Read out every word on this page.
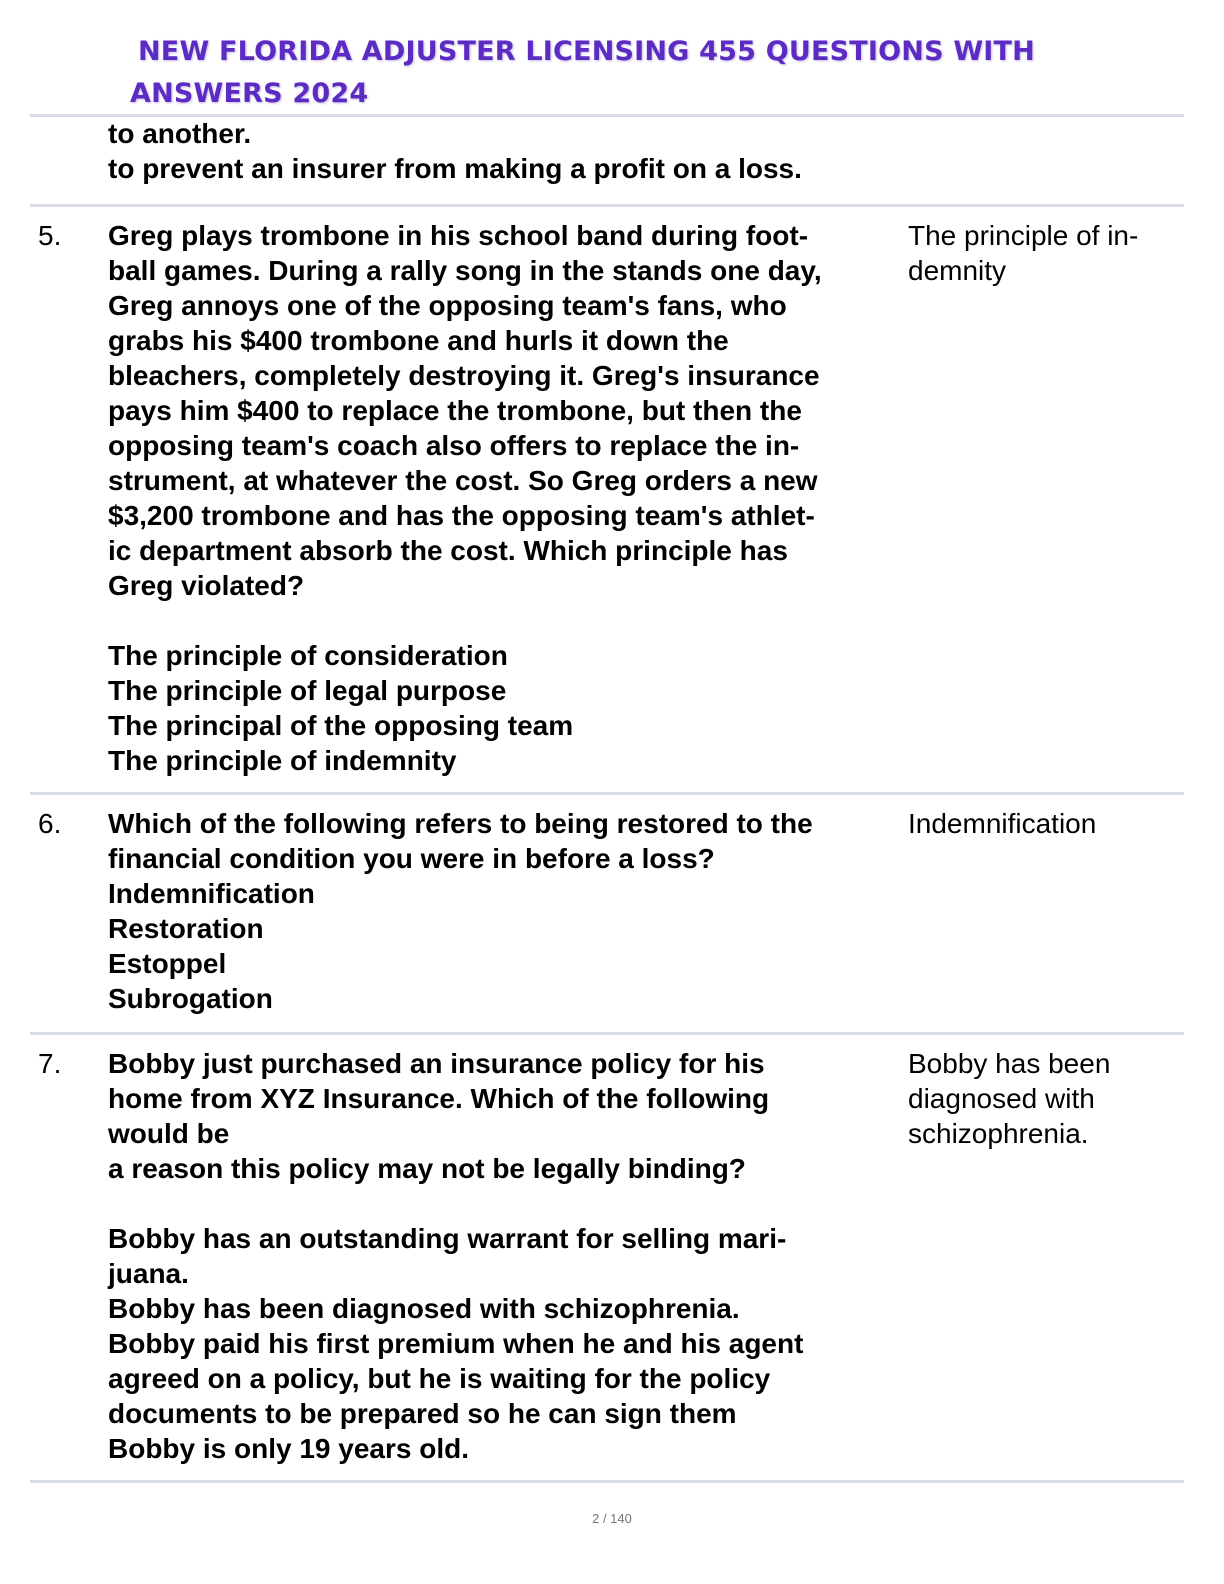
NEW FLORIDA ADJUSTER LICENSING 455 QUESTIONS WITH
ANSWERS 2024
to another.
to prevent an insurer from making a profit on a loss.
5. Greg plays trombone in his school band during foot-
ball games. During a rally song in the stands one day,
Greg annoys one of the opposing team's fans, who
grabs his $400 trombone and hurls it down the
bleachers, completely destroying it. Greg's insurance
pays him $400 to replace the trombone, but then the
opposing team's coach also offers to replace the in-
strument, at whatever the cost. So Greg orders a new
$3,200 trombone and has the opposing team's athlet-
ic department absorb the cost. Which principle has
Greg violated?
The principle of consideration
The principle of legal purpose
The principal of the opposing team
The principle of indemnity
The principle of in-
demnity
6. Which of the following refers to being restored to the
financial condition you were in before a loss?
Indemnification
Restoration
Estoppel
Subrogation
Indemnification
7. Bobby just purchased an insurance policy for his
home from XYZ Insurance. Which of the following
would be
a reason this policy may not be legally binding?
Bobby has an outstanding warrant for selling mari-
juana.
Bobby has been diagnosed with schizophrenia.
Bobby paid his first premium when he and his agent
agreed on a policy, but he is waiting for the policy
documents to be prepared so he can sign them
Bobby is only 19 years old.
Bobby has been
diagnosed with
schizophrenia.
2 / 140
